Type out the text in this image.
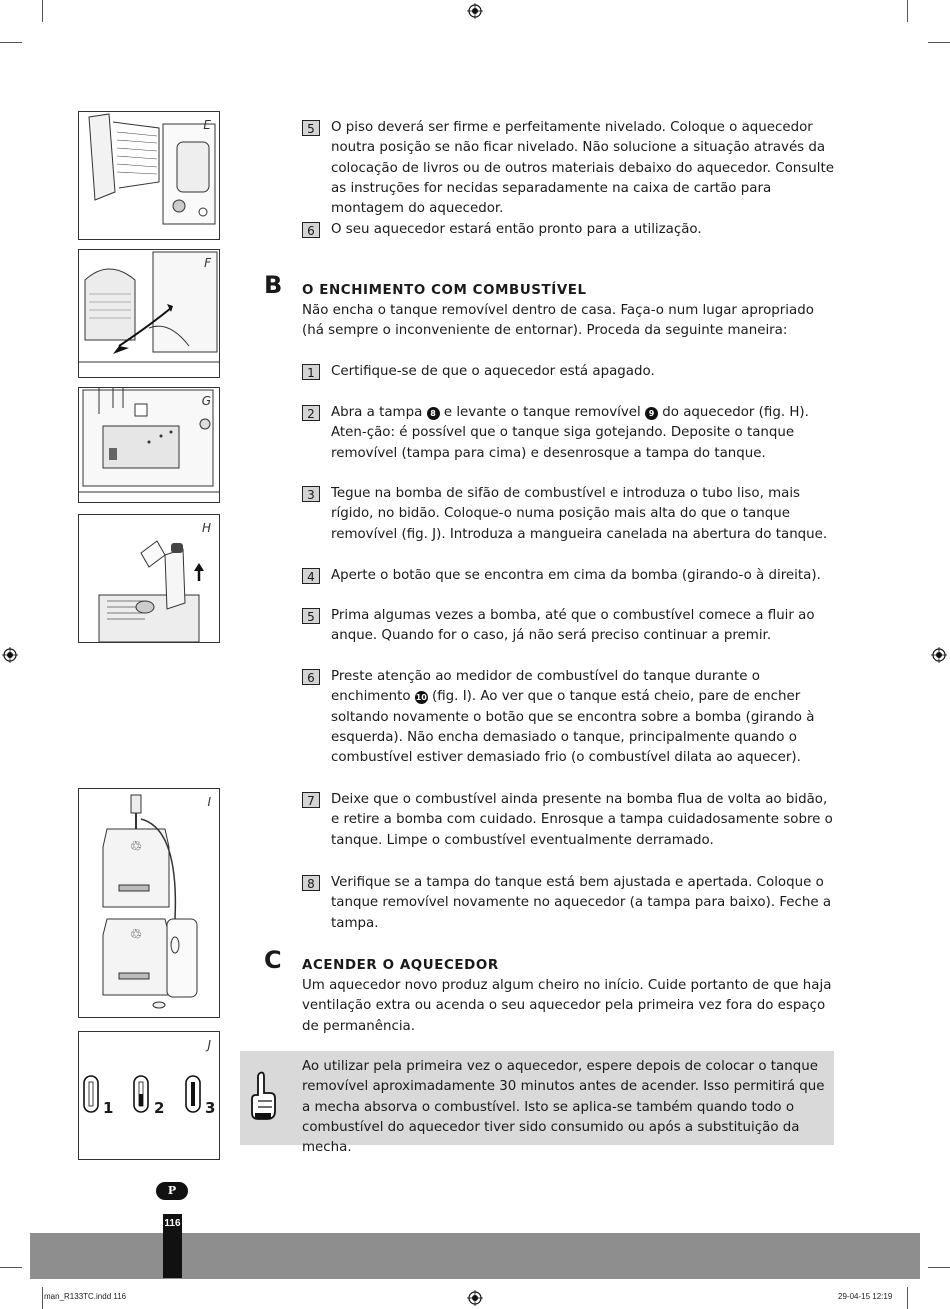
E
F
G
H
♲
♲
I
J
1	2	3
5	O piso deverá ser firme e perfeitamente nivelado. Coloque o aquecedor noutra posição se não ficar nivelado. Não solucione a situação através da colocação de livros ou de outros materiais debaixo do aquecedor. Consulte as instruções for necidas separadamente na caixa de cartão para montagem do aquecedor.
6	O seu aquecedor estará então pronto para a utilização.
B O ENCHIMENTO COM COMBUSTÍVEL
Não encha o tanque removível dentro de casa. Faça-o num lugar apropriado (há sempre o inconveniente de entornar). Proceda da seguinte maneira:
1	Certifique-se de que o aquecedor está apagado.
2	Abra a tampa 8 e levante o tanque removível 9 do aquecedor (fig. H). Aten-ção: é possível que o tanque siga gotejando. Deposite o tanque removível (tampa para cima) e desenrosque a tampa do tanque.
3	Tegue na bomba de sifão de combustível e introduza o tubo liso, mais rígido, no bidão. Coloque-o numa posição mais alta do que o tanque removível (fig. J). Introduza a mangueira canelada na abertura do tanque.
4	Aperte o botão que se encontra em cima da bomba (girando-o à direita).
5	Prima algumas vezes a bomba, até que o combustível comece a fluir ao anque. Quando for o caso, já não será preciso continuar a premir.
6	Preste atenção ao medidor de combustível do tanque durante o enchimento 10 (fig. I). Ao ver que o tanque está cheio, pare de encher soltando novamente o botão que se encontra sobre a bomba (girando à esquerda). Não encha demasiado o tanque, principalmente quando o combustível estiver demasiado frio (o combustível dilata ao aquecer).
7	Deixe que o combustível ainda presente na bomba flua de volta ao bidão, e retire a bomba com cuidado. Enrosque a tampa cuidadosamente sobre o tanque. Limpe o combustível eventualmente derramado.
8	Verifique se a tampa do tanque está bem ajustada e apertada. Coloque o tanque removível novamente no aquecedor (a tampa para baixo). Feche a tampa.
C ACENDER O AQUECEDOR
Um aquecedor novo produz algum cheiro no início. Cuide portanto de que haja ventilação extra ou acenda o seu aquecedor pela primeira vez fora do espaço de permanência.
Ao utilizar pela primeira vez o aquecedor, espere depois de colocar o tanque removível aproximadamente 30 minutos antes de acender. Isso permitirá que a mecha absorva o combustível. Isto se aplica-se também quando todo o combustível do aquecedor tiver sido consumido ou após a substituição da mecha.
P
116
man_R133TC.indd 116	29-04-15 12:19
